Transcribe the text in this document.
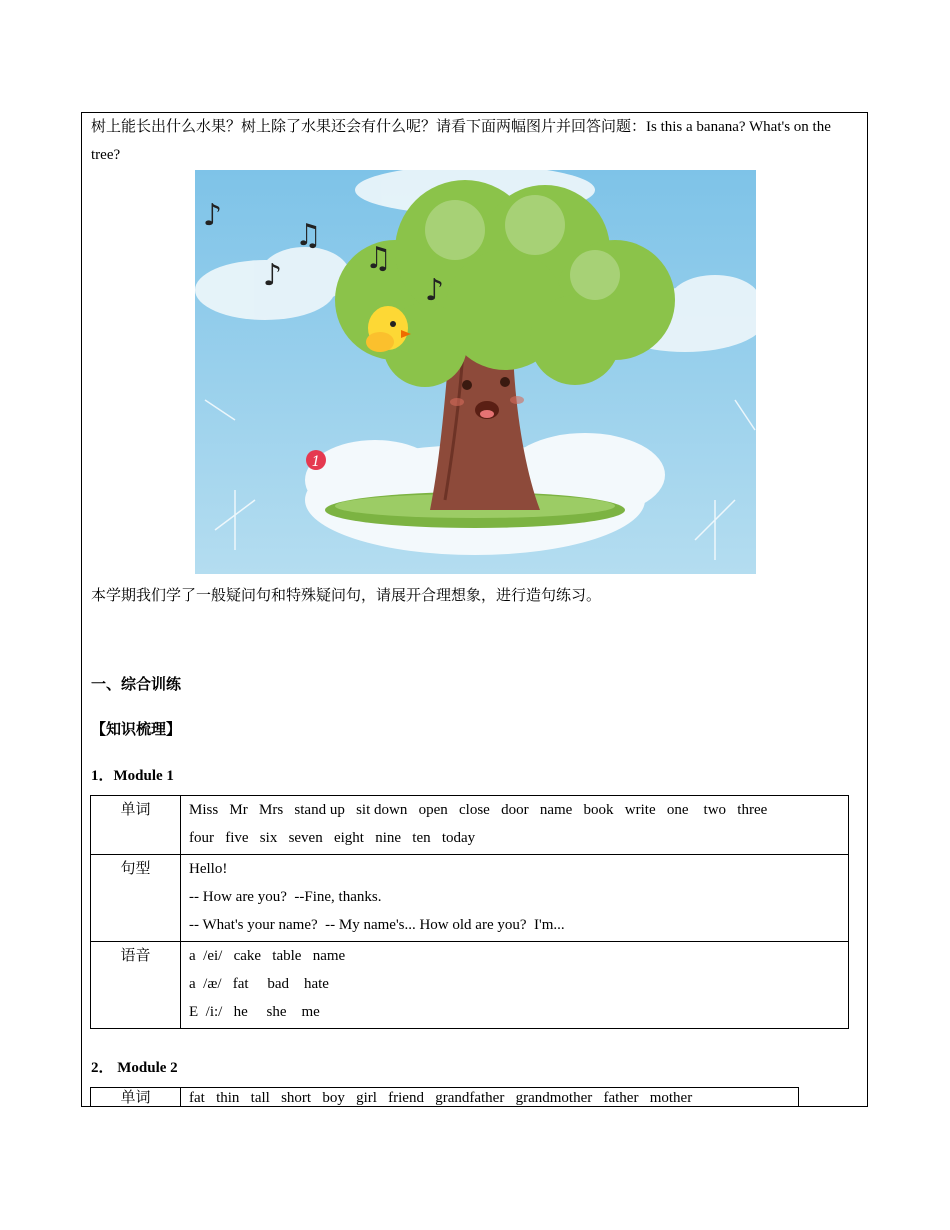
树上能长出什么水果？树上除了水果还会有什么呢？请看下面两幅图片并回答问题：Is this a banana? What's on the tree?
♪
♫
♪	♫
♪
1
本学期我们学了一般疑问句和特殊疑问句，请展开合理想象，进行造句练习。
一、综合训练
【知识梳理】
1．Module 1
单词	Miss   Mr   Mrs   stand up   sit down   open   close   door   name   book   write   one    two   three
four   five   six   seven   eight   nine   ten   today

句型	Hello!
-- How are you?  --Fine, thanks.
-- What's your name?  -- My name's... How old are you?  I'm...

语音	a  /ei/   cake   table   name
a  /æ/   fat     bad    hate
E  /i:/   he     she    me
2． Module 2
单词	fat   thin   tall   short   boy   girl   friend   grandfather   grandmother   father   mother
